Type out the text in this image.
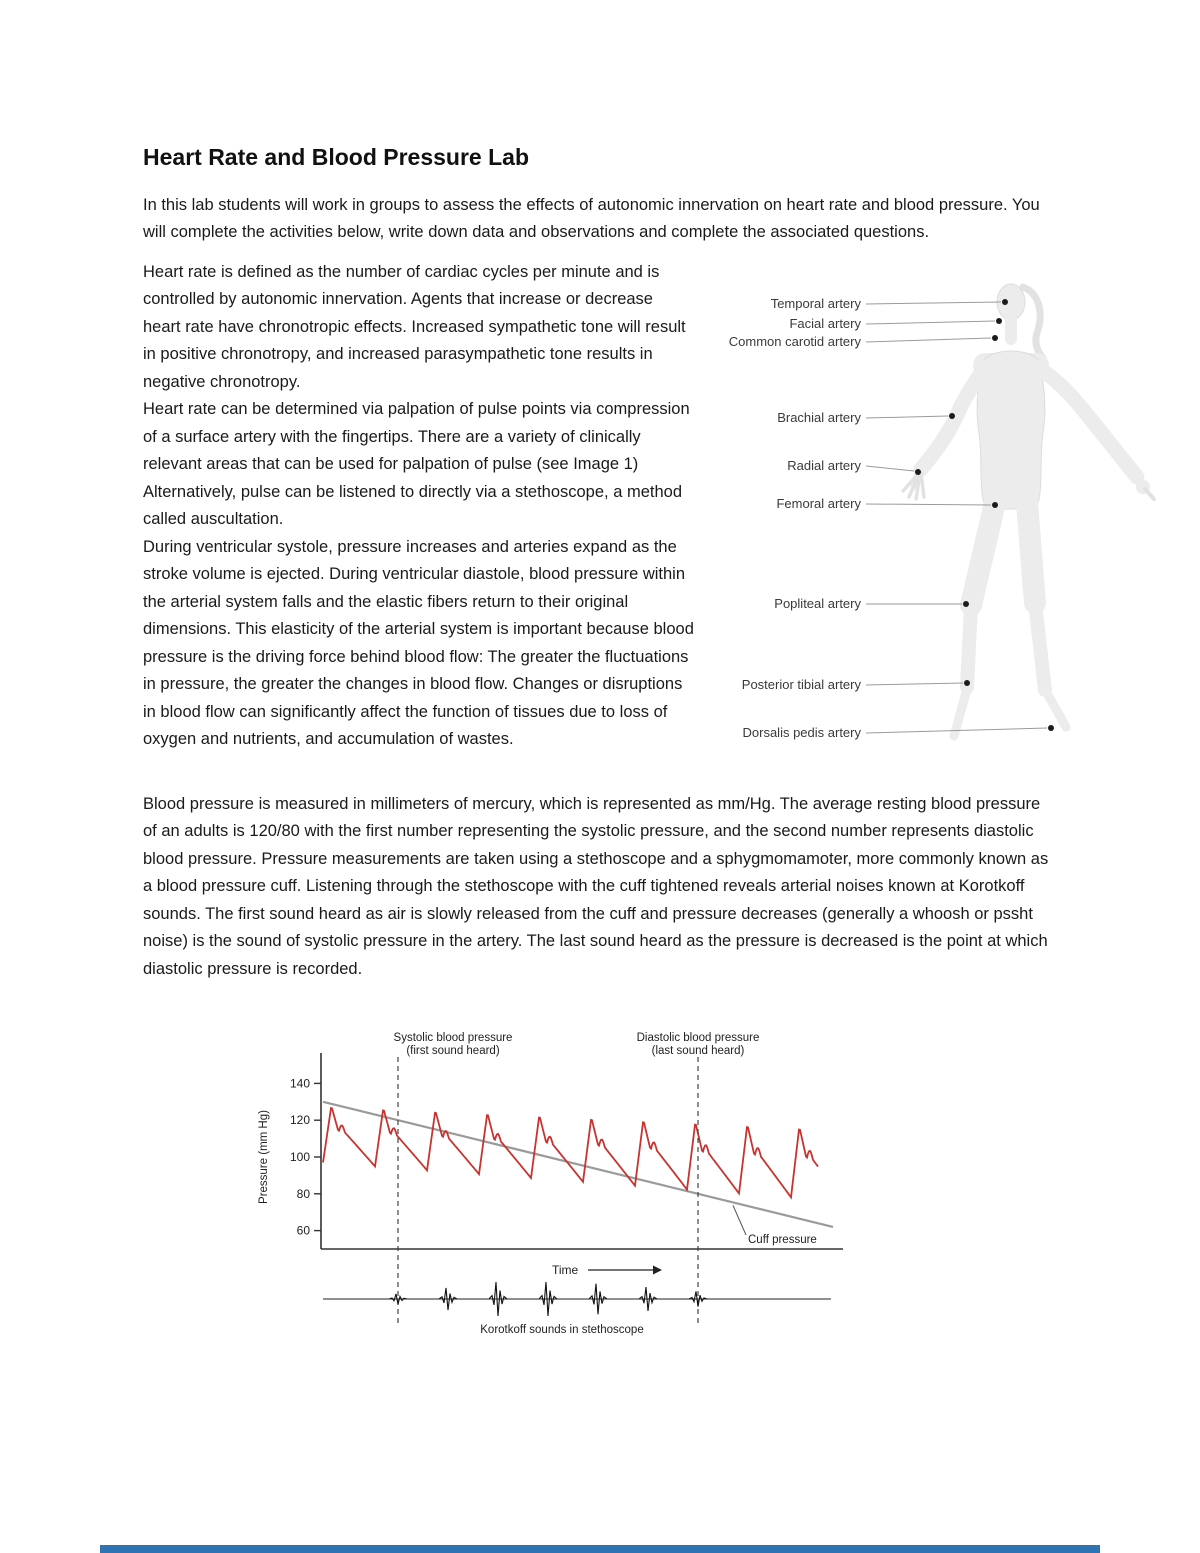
Heart Rate and Blood Pressure Lab

In this lab students will work in groups to assess the effects of autonomic innervation on heart rate and blood pressure. You will complete the activities below, write down data and observations and complete the associated questions.

Heart rate is defined as the number of cardiac cycles per minute and is controlled by autonomic innervation. Agents that increase or decrease heart rate have chronotropic effects. Increased sympathetic tone will result in positive chronotropy, and increased parasympathetic tone results in negative chronotropy.

Heart rate can be determined via palpation of pulse points via compression of a surface artery with the fingertips. There are a variety of clinically relevant areas that can be used for palpation of pulse (see Image 1) Alternatively, pulse can be listened to directly via a stethoscope, a method called auscultation.

During ventricular systole, pressure increases and arteries expand as the stroke volume is ejected. During ventricular diastole, blood pressure within the arterial system falls and the elastic fibers return to their original dimensions. This elasticity of the arterial system is important because blood pressure is the driving force behind blood flow: The greater the fluctuations in pressure, the greater the changes in blood flow. Changes or disruptions in blood flow can significantly affect the function of tissues due to loss of oxygen and nutrients, and accumulation of wastes.

Temporal artery
Facial artery
Common carotid artery
Brachial artery
Radial artery
Femoral artery
Popliteal artery
Posterior tibial artery
Dorsalis pedis artery

Blood pressure is measured in millimeters of mercury, which is represented as mm/Hg. The average resting blood pressure of an adults is 120/80 with the first number representing the systolic pressure, and the second number represents diastolic blood pressure. Pressure measurements are taken using a stethoscope and a sphygmomamoter, more commonly known as a blood pressure cuff. Listening through the stethoscope with the cuff tightened reveals arterial noises known at Korotkoff sounds. The first sound heard as air is slowly released from the cuff and pressure decreases (generally a whoosh or pssht noise) is the sound of systolic pressure in the artery. The last sound heard as the pressure is decreased is the point at which diastolic pressure is recorded.

140
120
100
80
60
Pressure (mm Hg)
Systolic blood pressure
(first sound heard)
Diastolic blood pressure
(last sound heard)
Cuff pressure
Time
Korotkoff sounds in stethoscope
